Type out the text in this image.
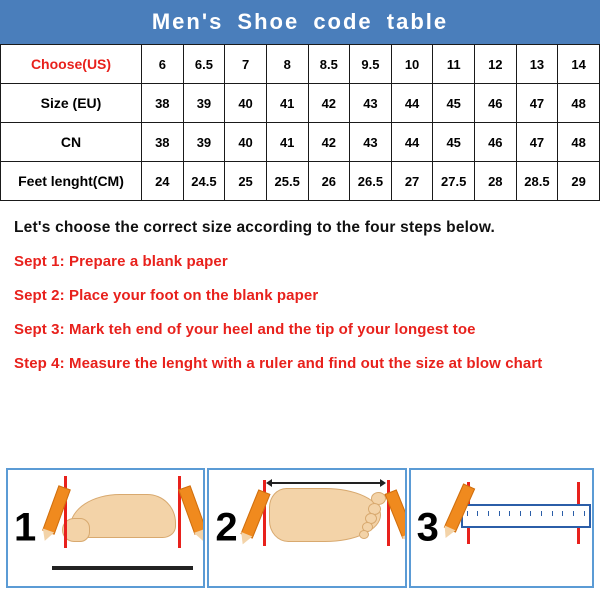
Men's Shoe code table
Choose(US)	6	6.5	7	8	8.5	9.5	10	11	12	13	14
Size (EU)	38	39	40	41	42	43	44	45	46	47	48
CN	38	39	40	41	42	43	44	45	46	47	48
Feet lenght(CM)	24	24.5	25	25.5	26	26.5	27	27.5	28	28.5	29
Let's choose the correct size according to the four steps below.
Sept 1: Prepare a blank paper
Sept 2: Place your foot on the blank paper
Sept 3: Mark teh end of your heel and the tip of your longest toe
Step 4: Measure the lenght with a ruler and find out the size at blow chart
1	2	3
